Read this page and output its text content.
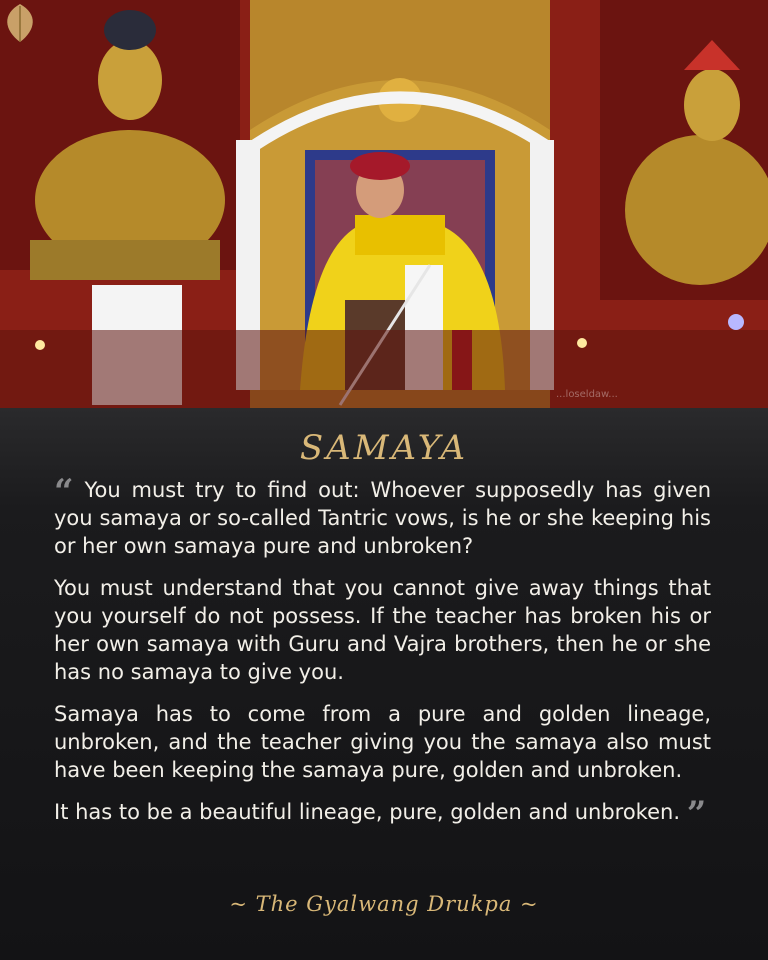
...loseldaw...
SAMAYA

“ You must try to find out: Whoever supposedly has given you samaya or so-called Tantric vows, is he or she keeping his or her own samaya pure and unbroken?

You must understand that you cannot give away things that you yourself do not possess. If the teacher has broken his or her own samaya with Guru and Vajra brothers, then he or she has no samaya to give you.

Samaya has to come from a pure and golden lineage, unbroken, and the teacher giving you the samaya also must have been keeping the samaya pure, golden and unbroken.

It has to be a beautiful lineage, pure, golden and unbroken. ”

~ The Gyalwang Drukpa ~
